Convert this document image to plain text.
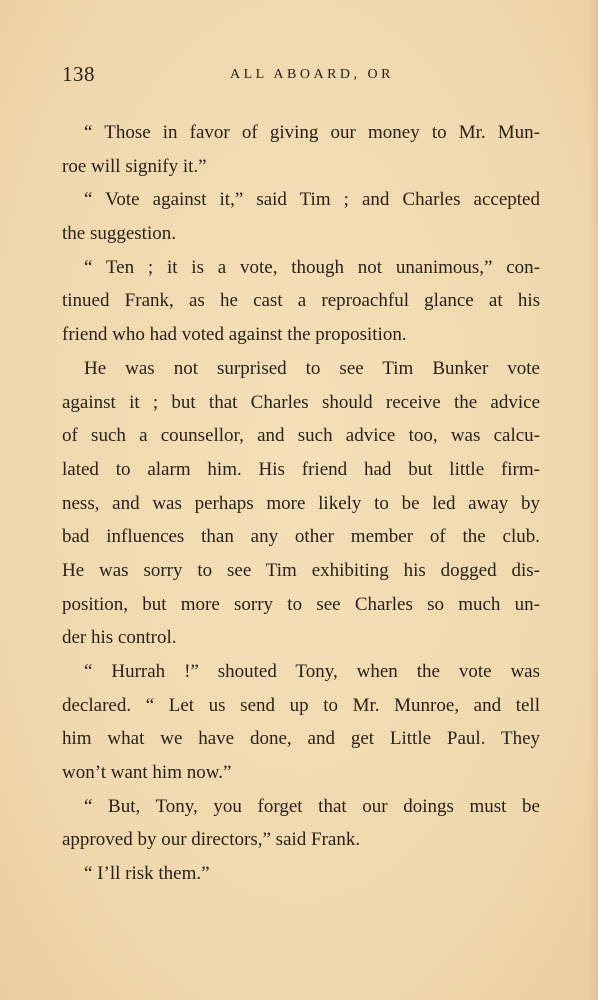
138	ALL ABOARD, OR
“ Those in favor of giving our money to Mr. Mun-
roe will signify it.”
“ Vote against it,” said Tim ; and Charles accepted
the suggestion.
“ Ten ; it is a vote, though not unanimous,” con-
tinued Frank, as he cast a reproachful glance at his
friend who had voted against the proposition.
He was not surprised to see Tim Bunker vote
against it ; but that Charles should receive the advice
of such a counsellor, and such advice too, was calcu-
lated to alarm him. His friend had but little firm-
ness, and was perhaps more likely to be led away by
bad influences than any other member of the club.
He was sorry to see Tim exhibiting his dogged dis-
position, but more sorry to see Charles so much un-
der his control.
“ Hurrah !” shouted Tony, when the vote was
declared. “ Let us send up to Mr. Munroe, and tell
him what we have done, and get Little Paul. They
won’t want him now.”
“ But, Tony, you forget that our doings must be
approved by our directors,” said Frank.
“ I’ll risk them.”
